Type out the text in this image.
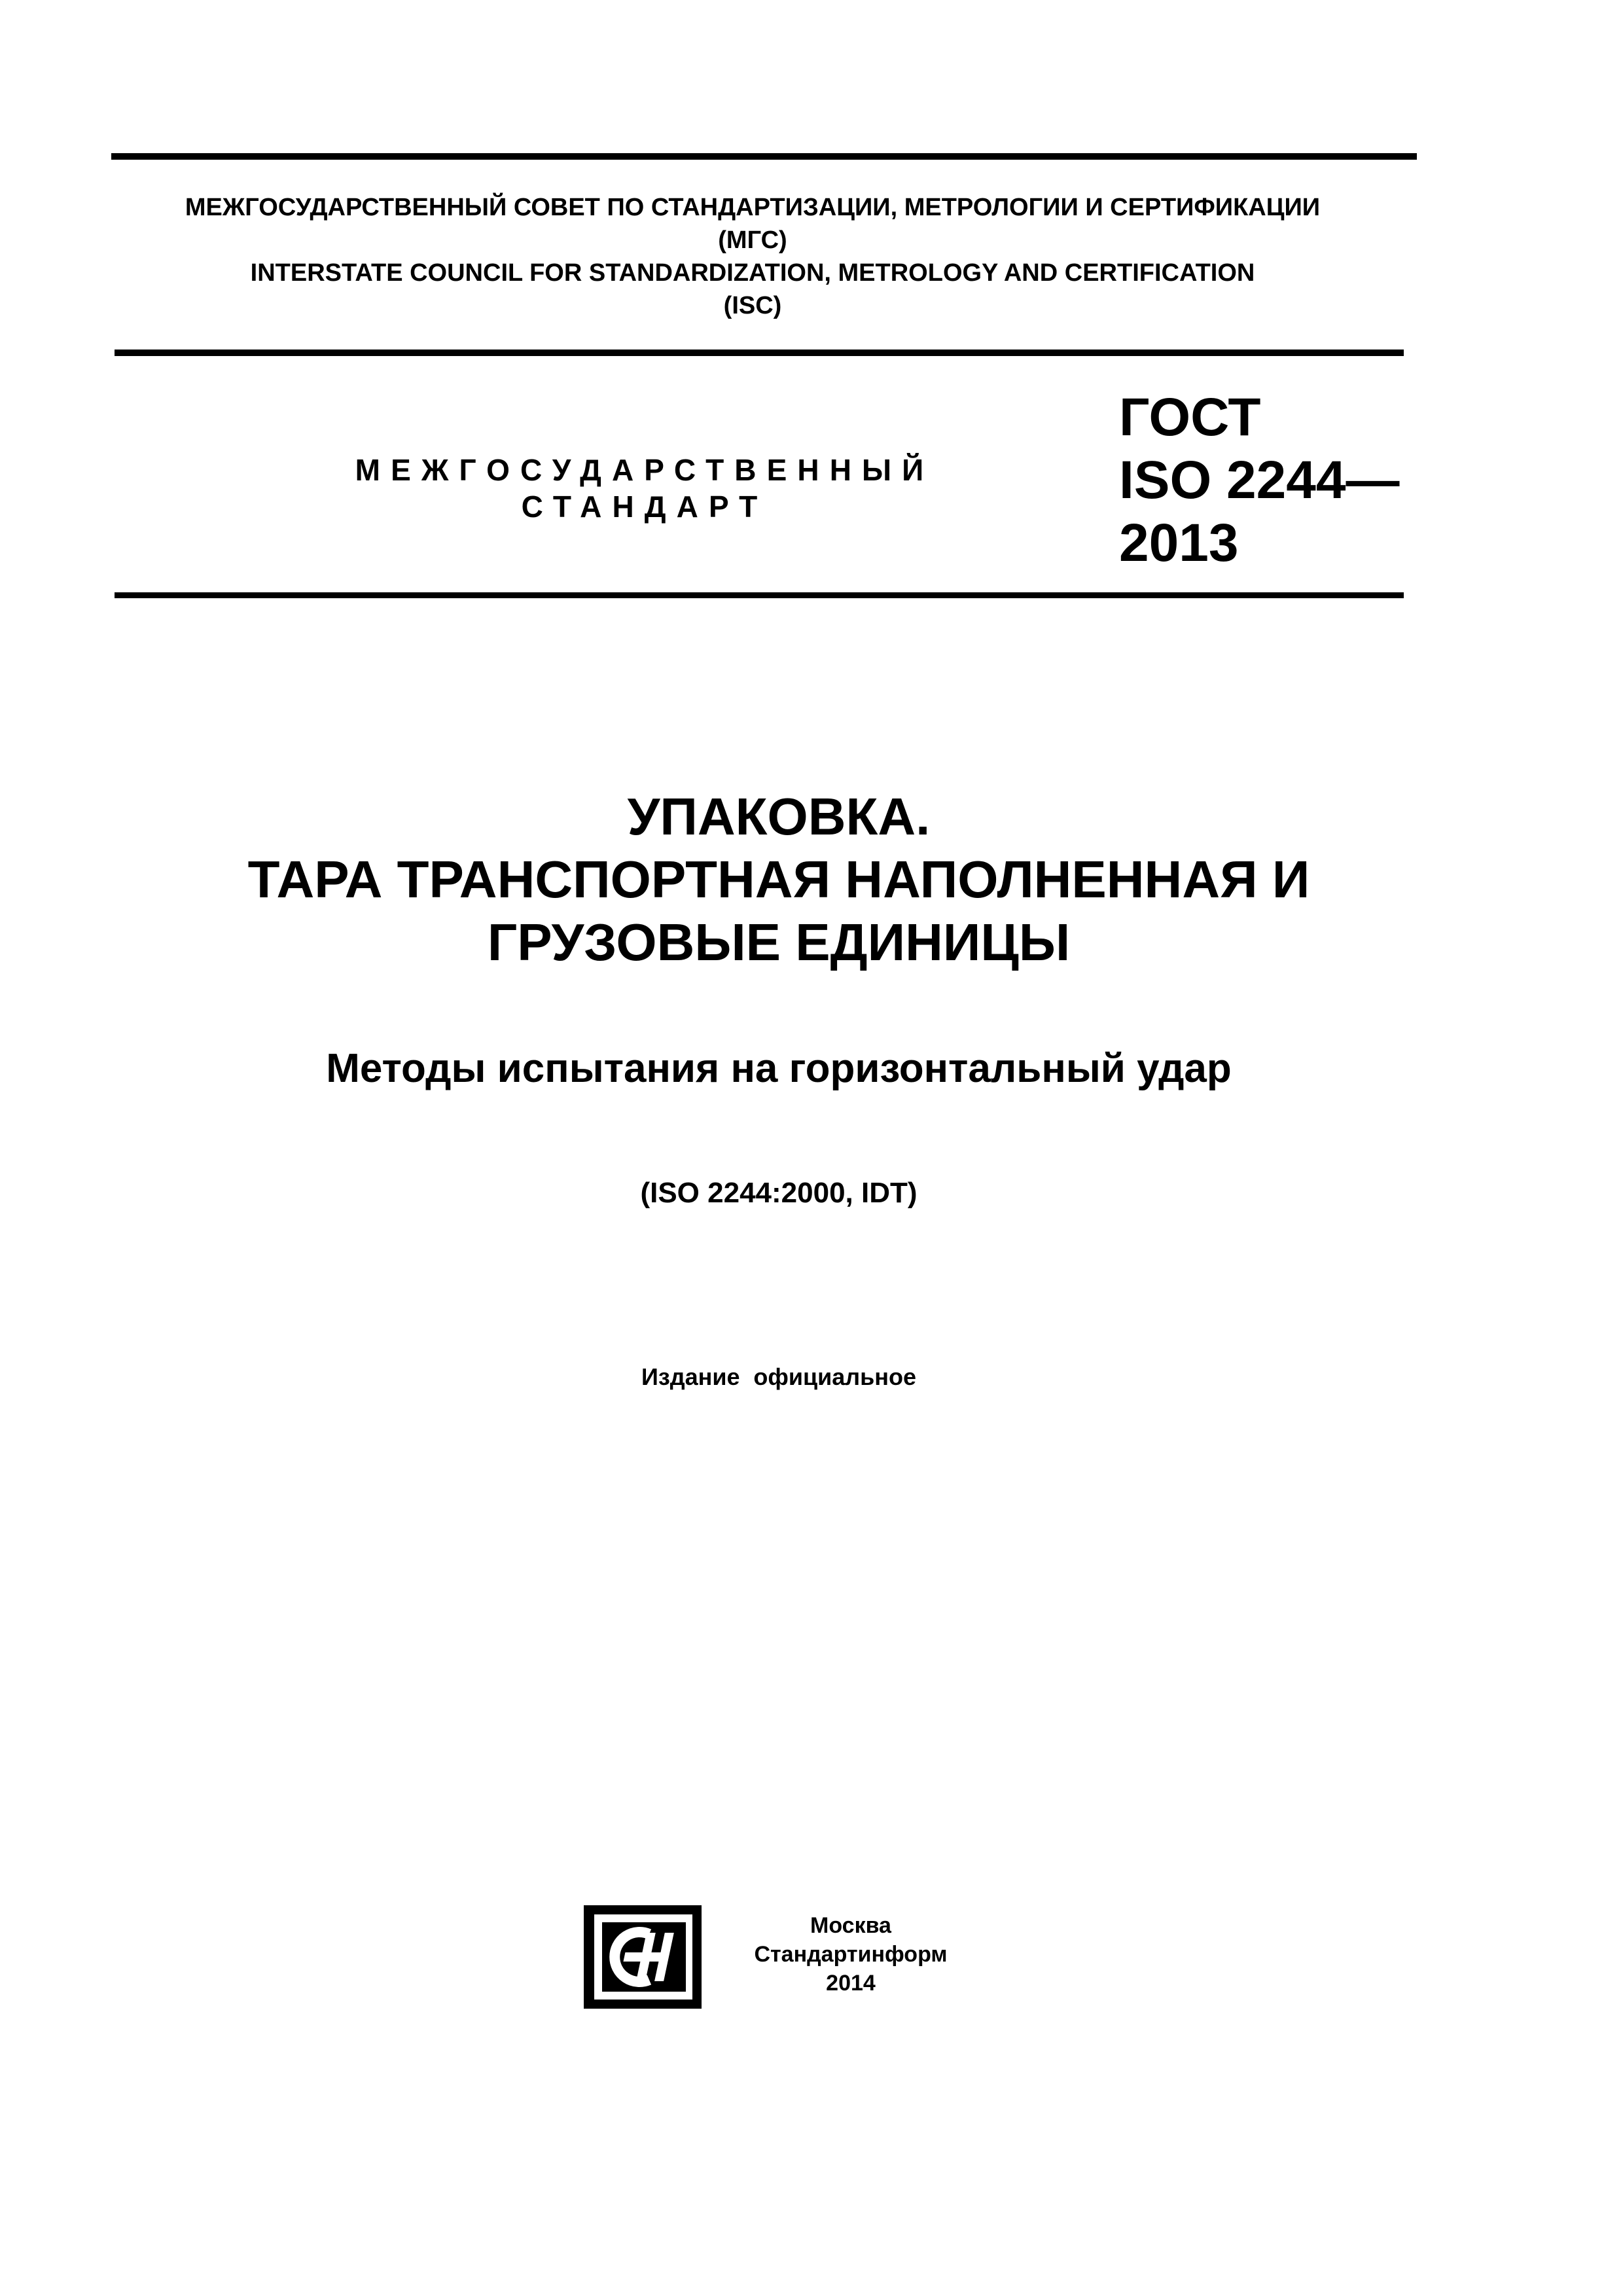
МЕЖГОСУДАРСТВЕННЫЙ СОВЕТ ПО СТАНДАРТИЗАЦИИ, МЕТРОЛОГИИ И СЕРТИФИКАЦИИ
(МГС)
INTERSTATE COUNCIL FOR STANDARDIZATION, METROLOGY AND CERTIFICATION
(ISC)
МЕЖГОСУДАРСТВЕННЫЙ
СТАНДАРТ
ГОСТ
ISO 2244—
2013
УПАКОВКА.
ТАРА ТРАНСПОРТНАЯ НАПОЛНЕННАЯ И
ГРУЗОВЫЕ ЕДИНИЦЫ
Методы испытания на горизонтальный удар
(ISO 2244:2000, IDT)
Издание официальное
СТИ
Москва
Стандартинформ
2014
